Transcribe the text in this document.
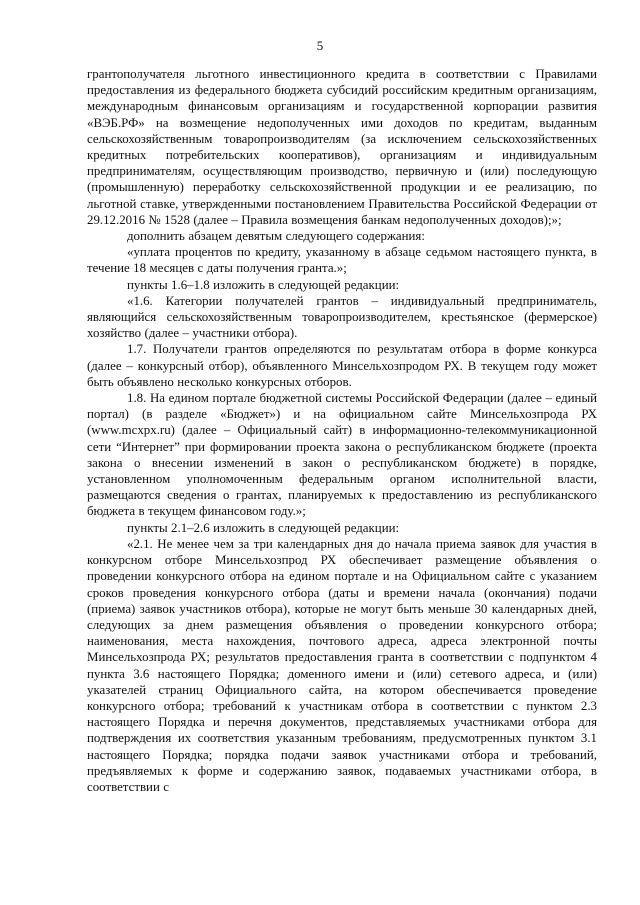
5

грантополучателя льготного инвестиционного кредита в соответствии с Правилами предоставления из федерального бюджета субсидий российским кредитным организациям, международным финансовым организациям и государственной корпорации развития «ВЭБ.РФ» на возмещение недополученных ими доходов по кредитам, выданным сельскохозяйственным товаропроизводителям (за исключением сельскохозяйственных кредитных потребительских кооперативов), организациям и индивидуальным предпринимателям, осуществляющим производство, первичную и (или) последующую (промышленную) переработку сельскохозяйственной продукции и ее реализацию, по льготной ставке, утвержденными постановлением Правительства Российской Федерации от 29.12.2016 № 1528 (далее – Правила возмещения банкам недополученных доходов);»;

дополнить абзацем девятым следующего содержания:

«уплата процентов по кредиту, указанному в абзаце седьмом настоящего пункта, в течение 18 месяцев с даты получения гранта.»;

пункты 1.6–1.8 изложить в следующей редакции:

«1.6. Категории получателей грантов – индивидуальный предприниматель, являющийся сельскохозяйственным товаропроизводителем, крестьянское (фермерское) хозяйство (далее – участники отбора).

1.7. Получатели грантов определяются по результатам отбора в форме конкурса (далее – конкурсный отбор), объявленного Минсельхозпродом РХ. В текущем году может быть объявлено несколько конкурсных отборов.

1.8. На едином портале бюджетной системы Российской Федерации (далее – единый портал) (в разделе «Бюджет») и на официальном сайте Минсельхозпрода РХ (www.mcxpx.ru) (далее – Официальный сайт) в информационно-телекоммуникационной сети “Интернет” при формировании проекта закона о республиканском бюджете (проекта закона о внесении изменений в закон о республиканском бюджете) в порядке, установленном уполномоченным федеральным органом исполнительной власти, размещаются сведения о грантах, планируемых к предоставлению из республиканского бюджета в текущем финансовом году.»;

пункты 2.1–2.6 изложить в следующей редакции:

«2.1. Не менее чем за три календарных дня до начала приема заявок для участия в конкурсном отборе Минсельхозпрод РХ обеспечивает размещение объявления о проведении конкурсного отбора на едином портале и на Официальном сайте с указанием сроков проведения конкурсного отбора (даты и времени начала (окончания) подачи (приема) заявок участников отбора), которые не могут быть меньше 30 календарных дней, следующих за днем размещения объявления о проведении конкурсного отбора; наименования, места нахождения, почтового адреса, адреса электронной почты Минсельхозпрода РХ; результатов предоставления гранта в соответствии с подпунктом 4 пункта 3.6 настоящего Порядка; доменного имени и (или) сетевого адреса, и (или) указателей страниц Официального сайта, на котором обеспечивается проведение конкурсного отбора; требований к участникам отбора в соответствии с пунктом 2.3 настоящего Порядка и перечня документов, представляемых участниками отбора для подтверждения их соответствия указанным требованиям, предусмотренных пунктом 3.1 настоящего Порядка; порядка подачи заявок участниками отбора и требований, предъявляемых к форме и содержанию заявок, подаваемых участниками отбора, в соответствии с
